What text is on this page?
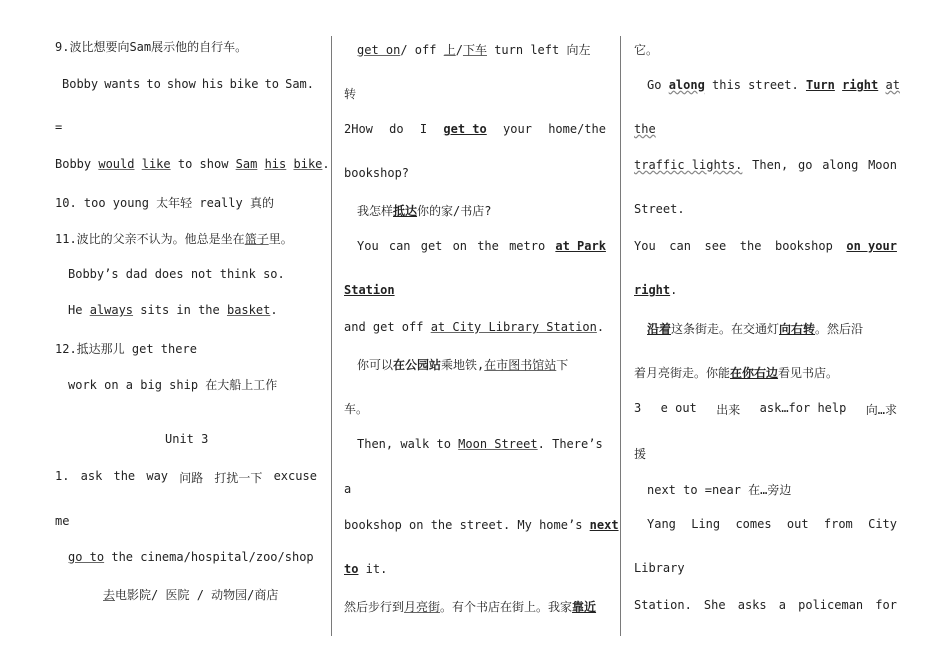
9.波比想要向Sam展示他的自行车。
Bobby wants to show his bike to Sam.
=
Bobby would like to show Sam his bike.
10. too young 太年轻 really 真的
11.波比的父亲不认为。他总是坐在篮子里。
Bobby’s dad does not think so.
He always sits in the basket.
12.抵达那儿 get there
work on a big ship 在大船上工作
Unit 3
1. ask the way 问路 打扰一下 excuse
me
go to the cinema/hospital/zoo/shop
去电影院/ 医院 / 动物园/商店
get on/ off 上/下车 turn left 向左
转
2How do I get to your home/the
bookshop?
我怎样抵达你的家/书店?
You can get on the metro at Park
Station
and get off at City Library Station.
你可以在公园站乘地铁,在市图书馆站下
车。
Then, walk to Moon Street. There’s
a
bookshop on the street. My home’s next
to it.
然后步行到月亮街。有个书店在街上。我家靠近
它。
Go along this street. Turn right at
the
traffic lights. Then, go along Moon
Street.
You can see the bookshop on your
right.
沿着这条街走。在交通灯向右转。然后沿
着月亮街走。你能在你右边看见书店。
3 e out 出来 ask…for help 向…求
援
next to =near 在…旁边
Yang Ling comes out from City
Library
Station. She asks a policeman for
